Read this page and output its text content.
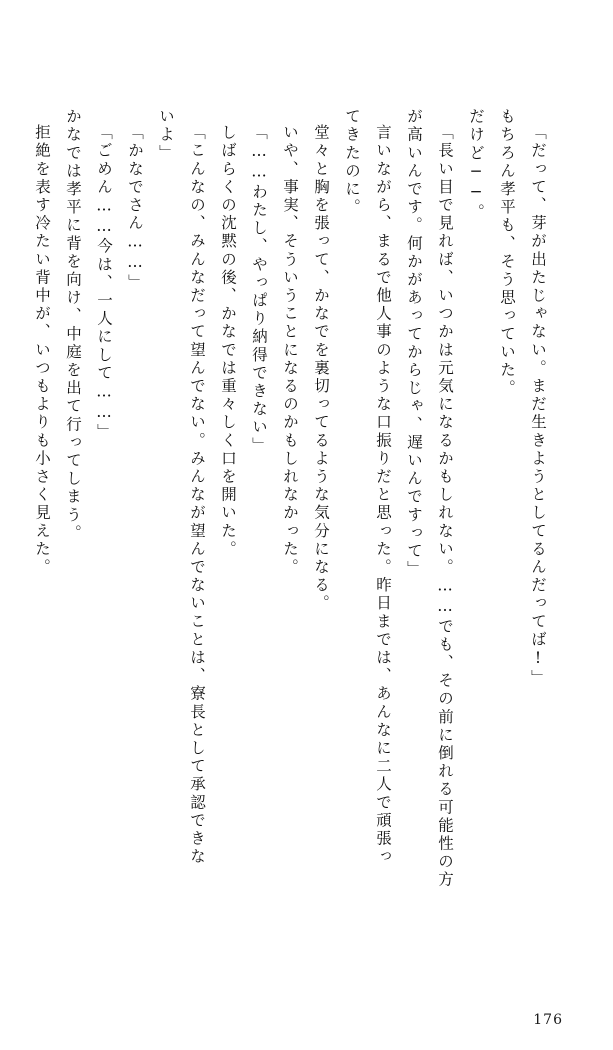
「だって、芽が出たじゃない。まだ生きようとしてるんだってば!」
もちろん孝平も、そう思っていた。
だけど──。
「長い目で見れば、いつかは元気になるかもしれない。……でも、その前に倒れる可能性の方
が高いんです。何かがあってからじゃ、遅いんですって」
言いながら、まるで他人事のような口振りだと思った。昨日までは、あんなに二人で頑張っ
てきたのに。
堂々と胸を張って、かなでを裏切ってるような気分になる。
いや、事実、そういうことになるのかもしれなかった。
「……わたし、やっぱり納得できない」
しばらくの沈黙の後、かなでは重々しく口を開いた。
「こんなの、みんなだって望んでない。みんなが望んでないことは、寮長として承認できな
いよ」
「かなでさん……」
「ごめん……今は、一人にして……」
かなでは孝平に背を向け、中庭を出て行ってしまう。
拒絶を表す冷たい背中が、いつもよりも小さく見えた。
176
